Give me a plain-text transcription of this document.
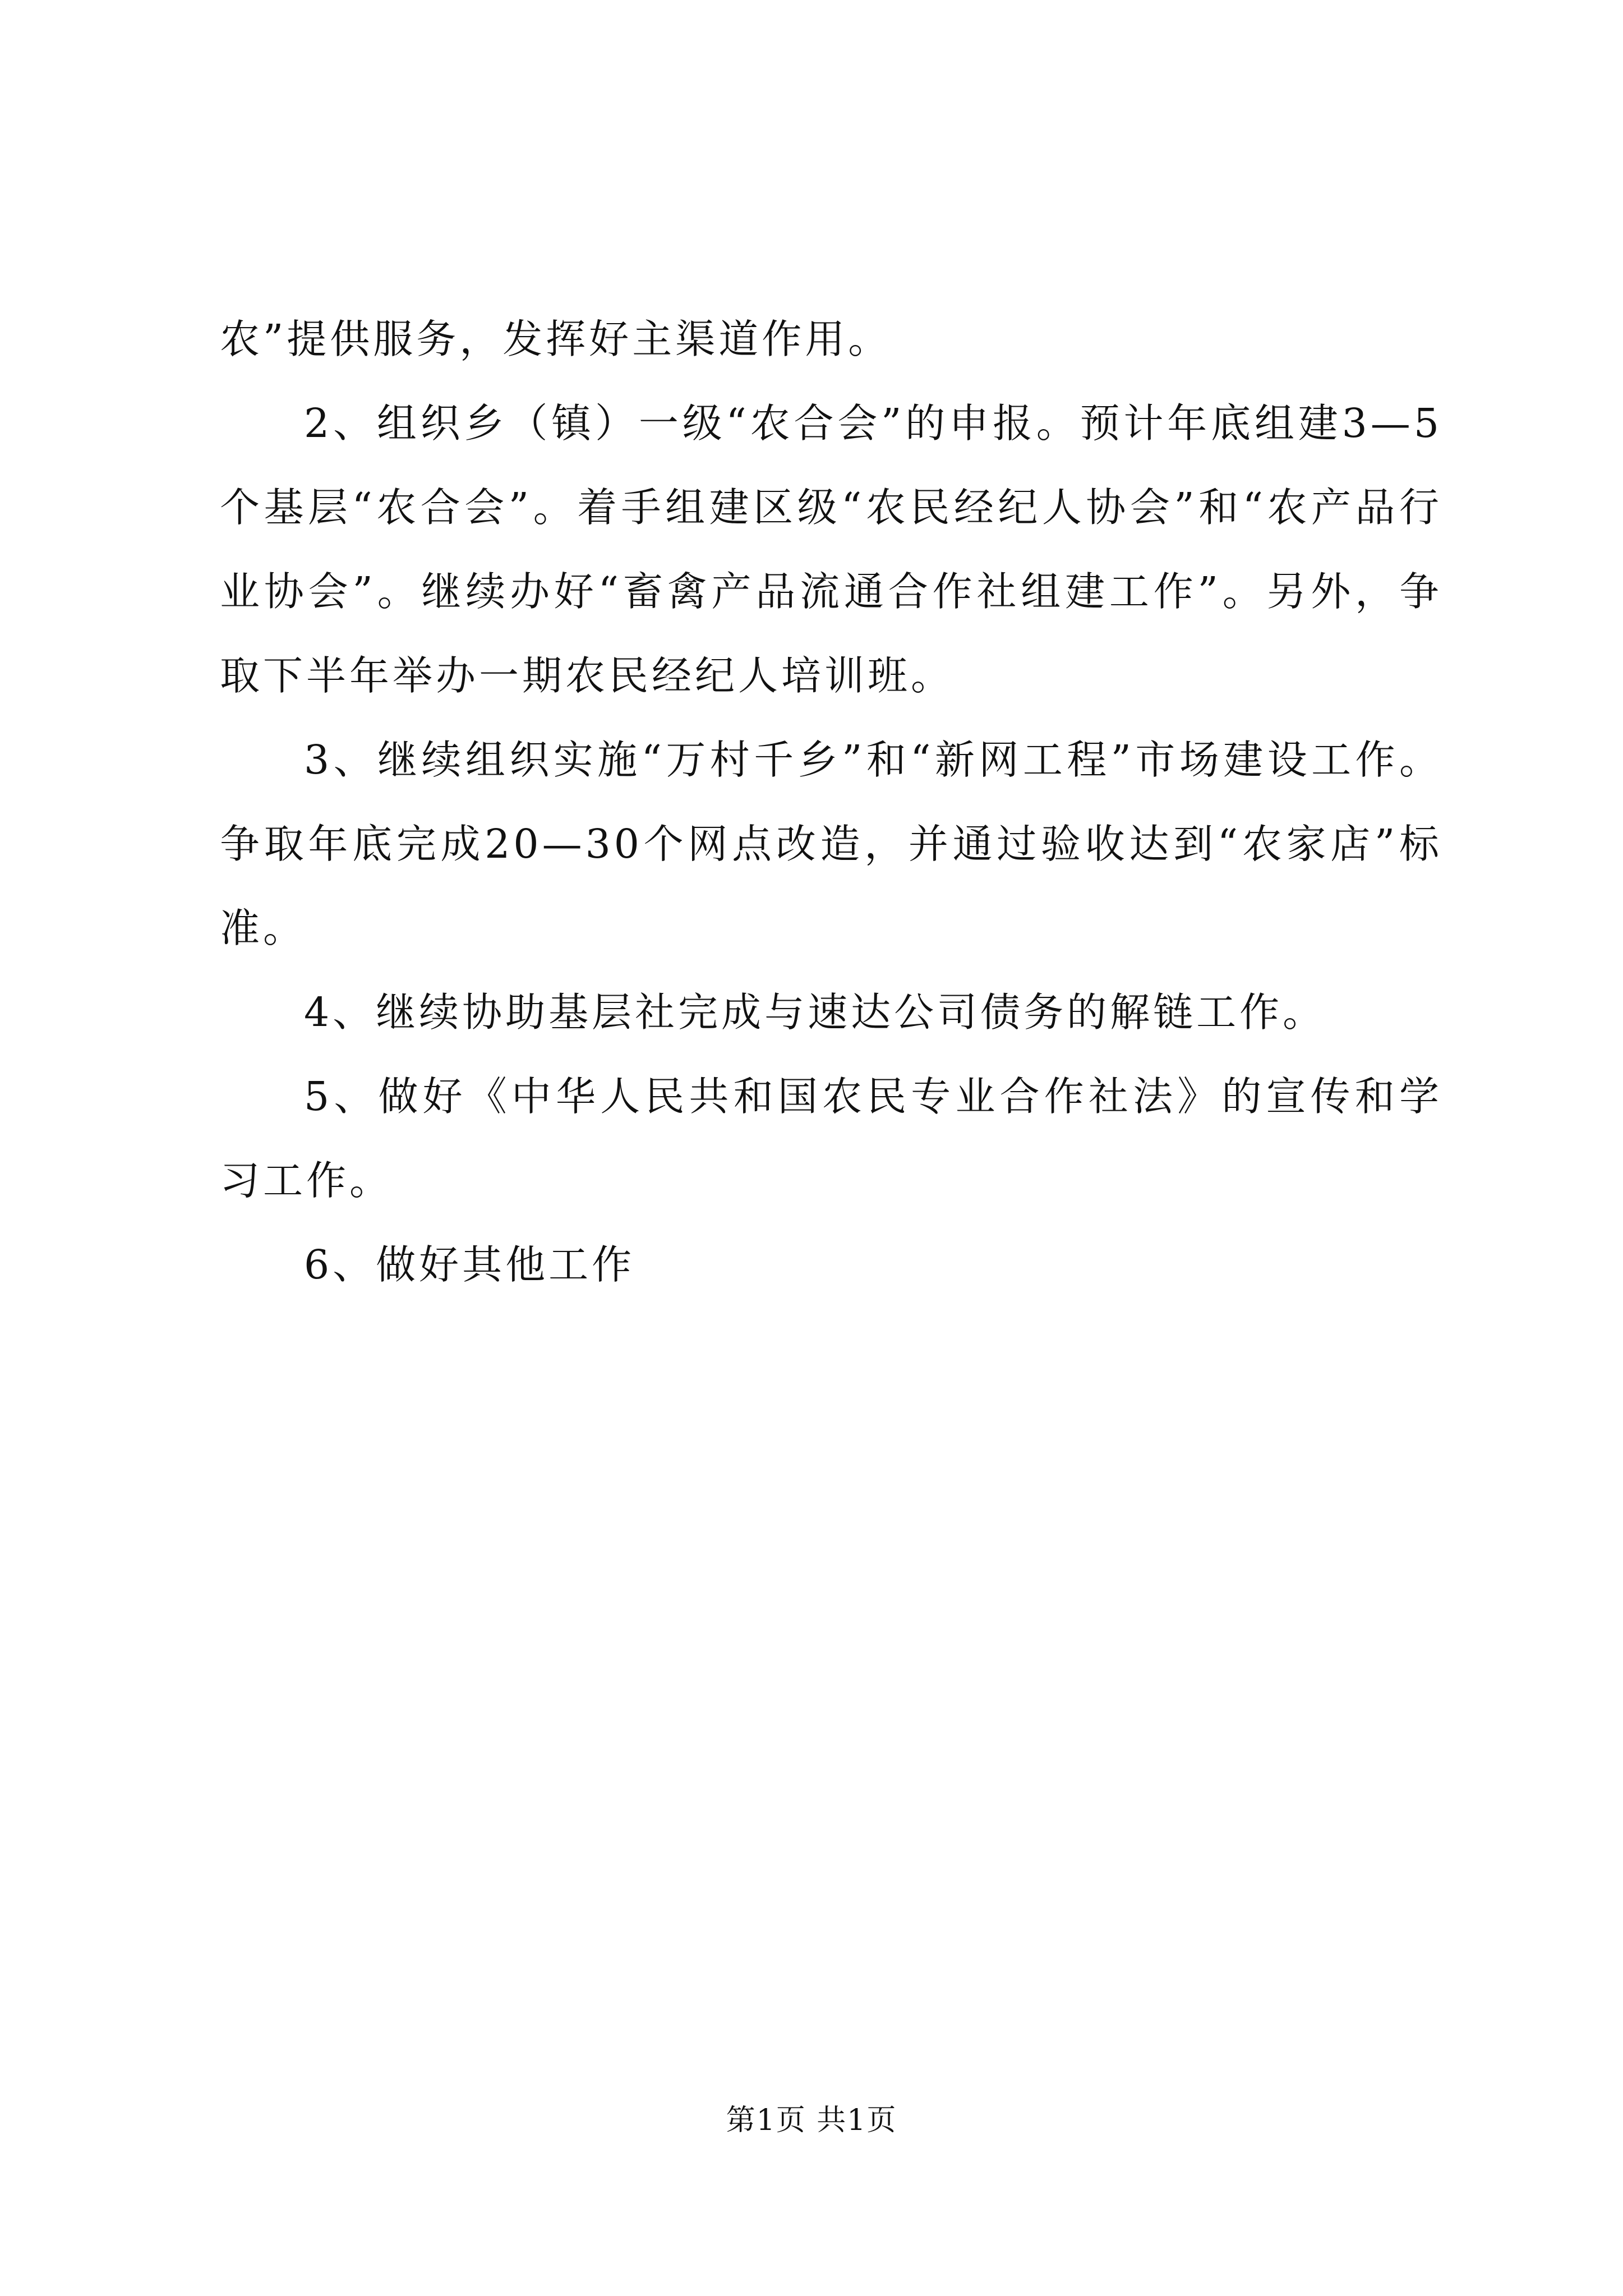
农”提供服务，发挥好主渠道作用。

2、组织乡（镇）一级“农合会”的申报。预计年底组建3—5个基层“农合会”。着手组建区级“农民经纪人协会”和“农产品行业协会”。继续办好“畜禽产品流通合作社组建工作”。另外，争取下半年举办一期农民经纪人培训班。

3、继续组织实施“万村千乡”和“新网工程”市场建设工作。争取年底完成20—30个网点改造，并通过验收达到“农家店”标准。

4、继续协助基层社完成与速达公司债务的解链工作。

5、做好《中华人民共和国农民专业合作社法》的宣传和学习工作。

6、做好其他工作

第1页 共1页
